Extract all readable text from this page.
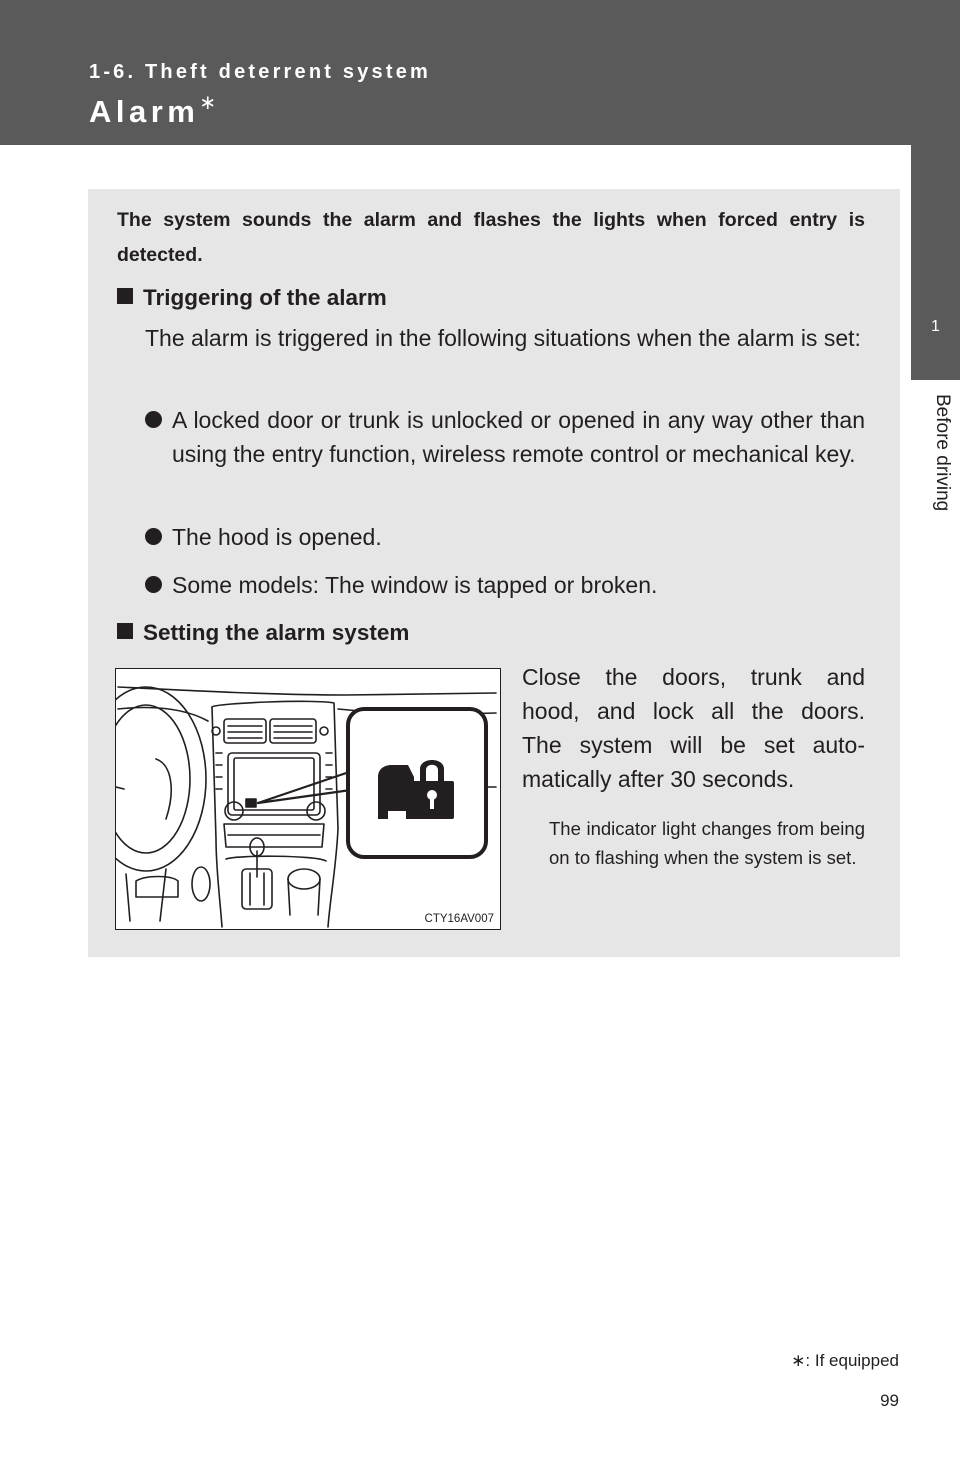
1-6. Theft deterrent system
Alarm∗
1
Before driving
The system sounds the alarm and flashes the lights when forced entry is detected.
Triggering of the alarm
The alarm is triggered in the following situations when the alarm is set:
A locked door or trunk is unlocked or opened in any way other than using the entry function, wireless remote control or mechanical key.
The hood is opened.
Some models: The window is tapped or broken.
Setting the alarm system
CTY16AV007
Close the doors, trunk and
hood, and lock all the doors.
The system will be set auto-
matically after 30 seconds.
The indicator light changes from being on to flashing when the system is set.
∗: If equipped
99
